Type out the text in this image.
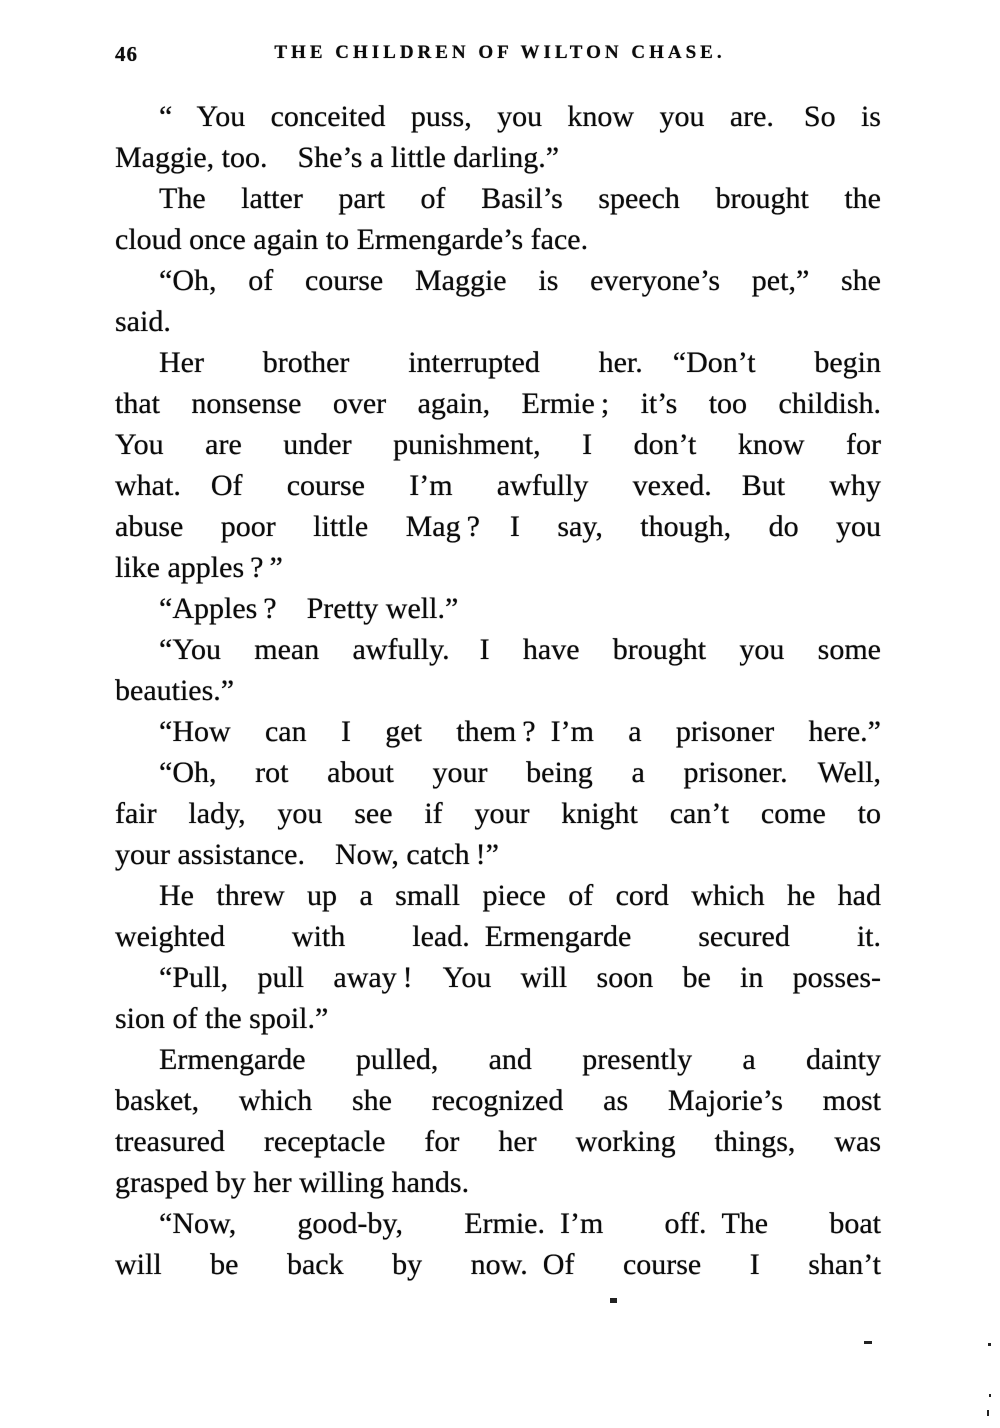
46	THE CHILDREN OF WILTON CHASE.
“ You conceited puss, you know you are. So is
Maggie, too. She’s a little darling.”
The latter part of Basil’s speech brought the
cloud once again to Ermengarde’s face.
“Oh, of course Maggie is everyone’s pet,” she
said.
Her brother interrupted her. “Don’t begin
that nonsense over again, Ermie ; it’s too childish.
You are under punishment, I don’t know for
what. Of course I’m awfully vexed. But why
abuse poor little Mag ? I say, though, do you
like apples ? ”
“Apples ? Pretty well.”
“You mean awfully. I have brought you some
beauties.”
“How can I get them ? I’m a prisoner here.”
“Oh, rot about your being a prisoner. Well,
fair lady, you see if your knight can’t come to
your assistance. Now, catch !”
He threw up a small piece of cord which he had
weighted with lead. Ermengarde secured it.
“Pull, pull away ! You will soon be in posses-
sion of the spoil.”
Ermengarde pulled, and presently a dainty
basket, which she recognized as Majorie’s most
treasured receptacle for her working things, was
grasped by her willing hands.
“Now, good-by, Ermie. I’m off. The boat
will be back by now. Of course I shan’t
